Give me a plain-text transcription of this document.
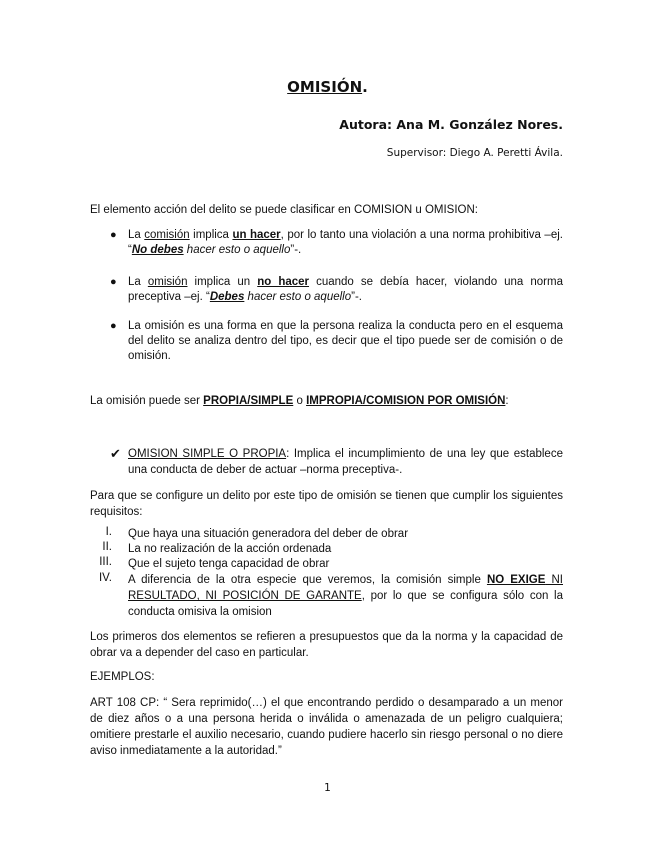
OMISIÓN.
Autora: Ana M. González Nores.
Supervisor: Diego A. Peretti Ávila.
El elemento acción del delito se puede clasificar en COMISION u OMISION:
● La comisión implica un hacer, por lo tanto una violación a una norma prohibitiva –ej. “No debes hacer esto o aquello”-.
● La omisión implica un no hacer cuando se debía hacer, violando una norma preceptiva –ej. “Debes hacer esto o aquello”-.
● La omisión es una forma en que la persona realiza la conducta pero en el esquema del delito se analiza dentro del tipo, es decir que el tipo puede ser de comisión o de omisión.
La omisión puede ser PROPIA/SIMPLE o IMPROPIA/COMISION POR OMISIÓN:
✔ OMISION SIMPLE O PROPIA: Implica el incumplimiento de una ley que establece una conducta de deber de actuar –norma preceptiva-.
Para que se configure un delito por este tipo de omisión se tienen que cumplir los siguientes requisitos:
I. Que haya una situación generadora del deber de obrar
II. La no realización de la acción ordenada
III. Que el sujeto tenga capacidad de obrar
IV. A diferencia de la otra especie que veremos, la comisión simple NO EXIGE NI RESULTADO, NI POSICIÓN DE GARANTE, por lo que se configura sólo con la conducta omisiva la omision
Los primeros dos elementos se refieren a presupuestos que da la norma y la capacidad de obrar va a depender del caso en particular.
EJEMPLOS:
ART 108 CP: “ Sera reprimido(…) el que encontrando perdido o desamparado a un menor de diez años o a una persona herida o inválida o amenazada de un peligro cualquiera; omitiere prestarle el auxilio necesario, cuando pudiere hacerlo sin riesgo personal o no diere aviso inmediatamente a la autoridad.”
1
